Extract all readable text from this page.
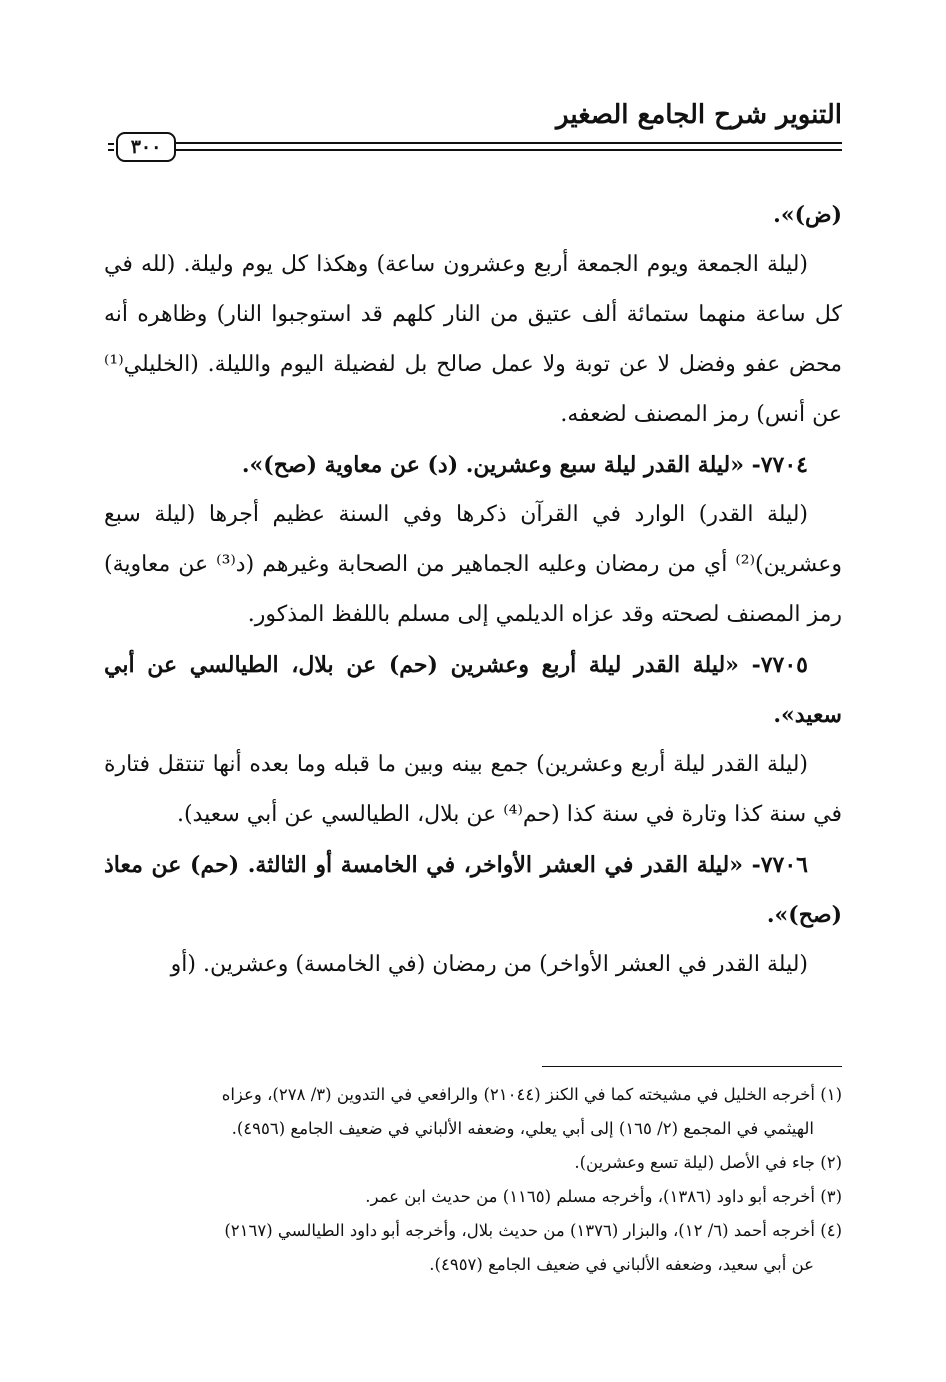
التنوير شرح الجامع الصغير
٣٠٠

(ض)».

(ليلة الجمعة ويوم الجمعة أربع وعشرون ساعة) وهكذا كل يوم وليلة. (لله في كل ساعة منهما ستمائة ألف عتيق من النار كلهم قد استوجبوا النار) وظاهره أنه محض عفو وفضل لا عن توبة ولا عمل صالح بل لفضيلة اليوم والليلة. (الخليلي⁽¹⁾ عن أنس) رمز المصنف لضعفه.

٧٧٠٤- «ليلة القدر ليلة سبع وعشرين. (د) عن معاوية (صح)».

(ليلة القدر) الوارد في القرآن ذكرها وفي السنة عظيم أجرها (ليلة سبع وعشرين)⁽²⁾ أي من رمضان وعليه الجماهير من الصحابة وغيرهم (د⁽³⁾ عن معاوية) رمز المصنف لصحته وقد عزاه الديلمي إلى مسلم باللفظ المذكور.

٧٧٠٥- «ليلة القدر ليلة أربع وعشرين (حم) عن بلال، الطيالسي عن أبي سعيد».

(ليلة القدر ليلة أربع وعشرين) جمع بينه وبين ما قبله وما بعده أنها تنتقل فتارة في سنة كذا وتارة في سنة كذا (حم⁽⁴⁾ عن بلال، الطيالسي عن أبي سعيد).

٧٧٠٦- «ليلة القدر في العشر الأواخر، في الخامسة أو الثالثة. (حم) عن معاذ (صح)».

(ليلة القدر في العشر الأواخر) من رمضان (في الخامسة) وعشرين. (أو

(١) أخرجه الخليل في مشيخته كما في الكنز (٢١٠٤٤) والرافعي في التدوين (٣/ ٢٧٨)، وعزاه

الهيثمي في المجمع (٢/ ١٦٥) إلى أبي يعلي، وضعفه الألباني في ضعيف الجامع (٤٩٥٦).

(٢) جاء في الأصل (ليلة تسع وعشرين).

(٣) أخرجه أبو داود (١٣٨٦)، وأخرجه مسلم (١١٦٥) من حديث ابن عمر.

(٤) أخرجه أحمد (٦/ ١٢)، والبزار (١٣٧٦) من حديث بلال، وأخرجه أبو داود الطيالسي (٢١٦٧)

عن أبي سعيد، وضعفه الألباني في ضعيف الجامع (٤٩٥٧).
